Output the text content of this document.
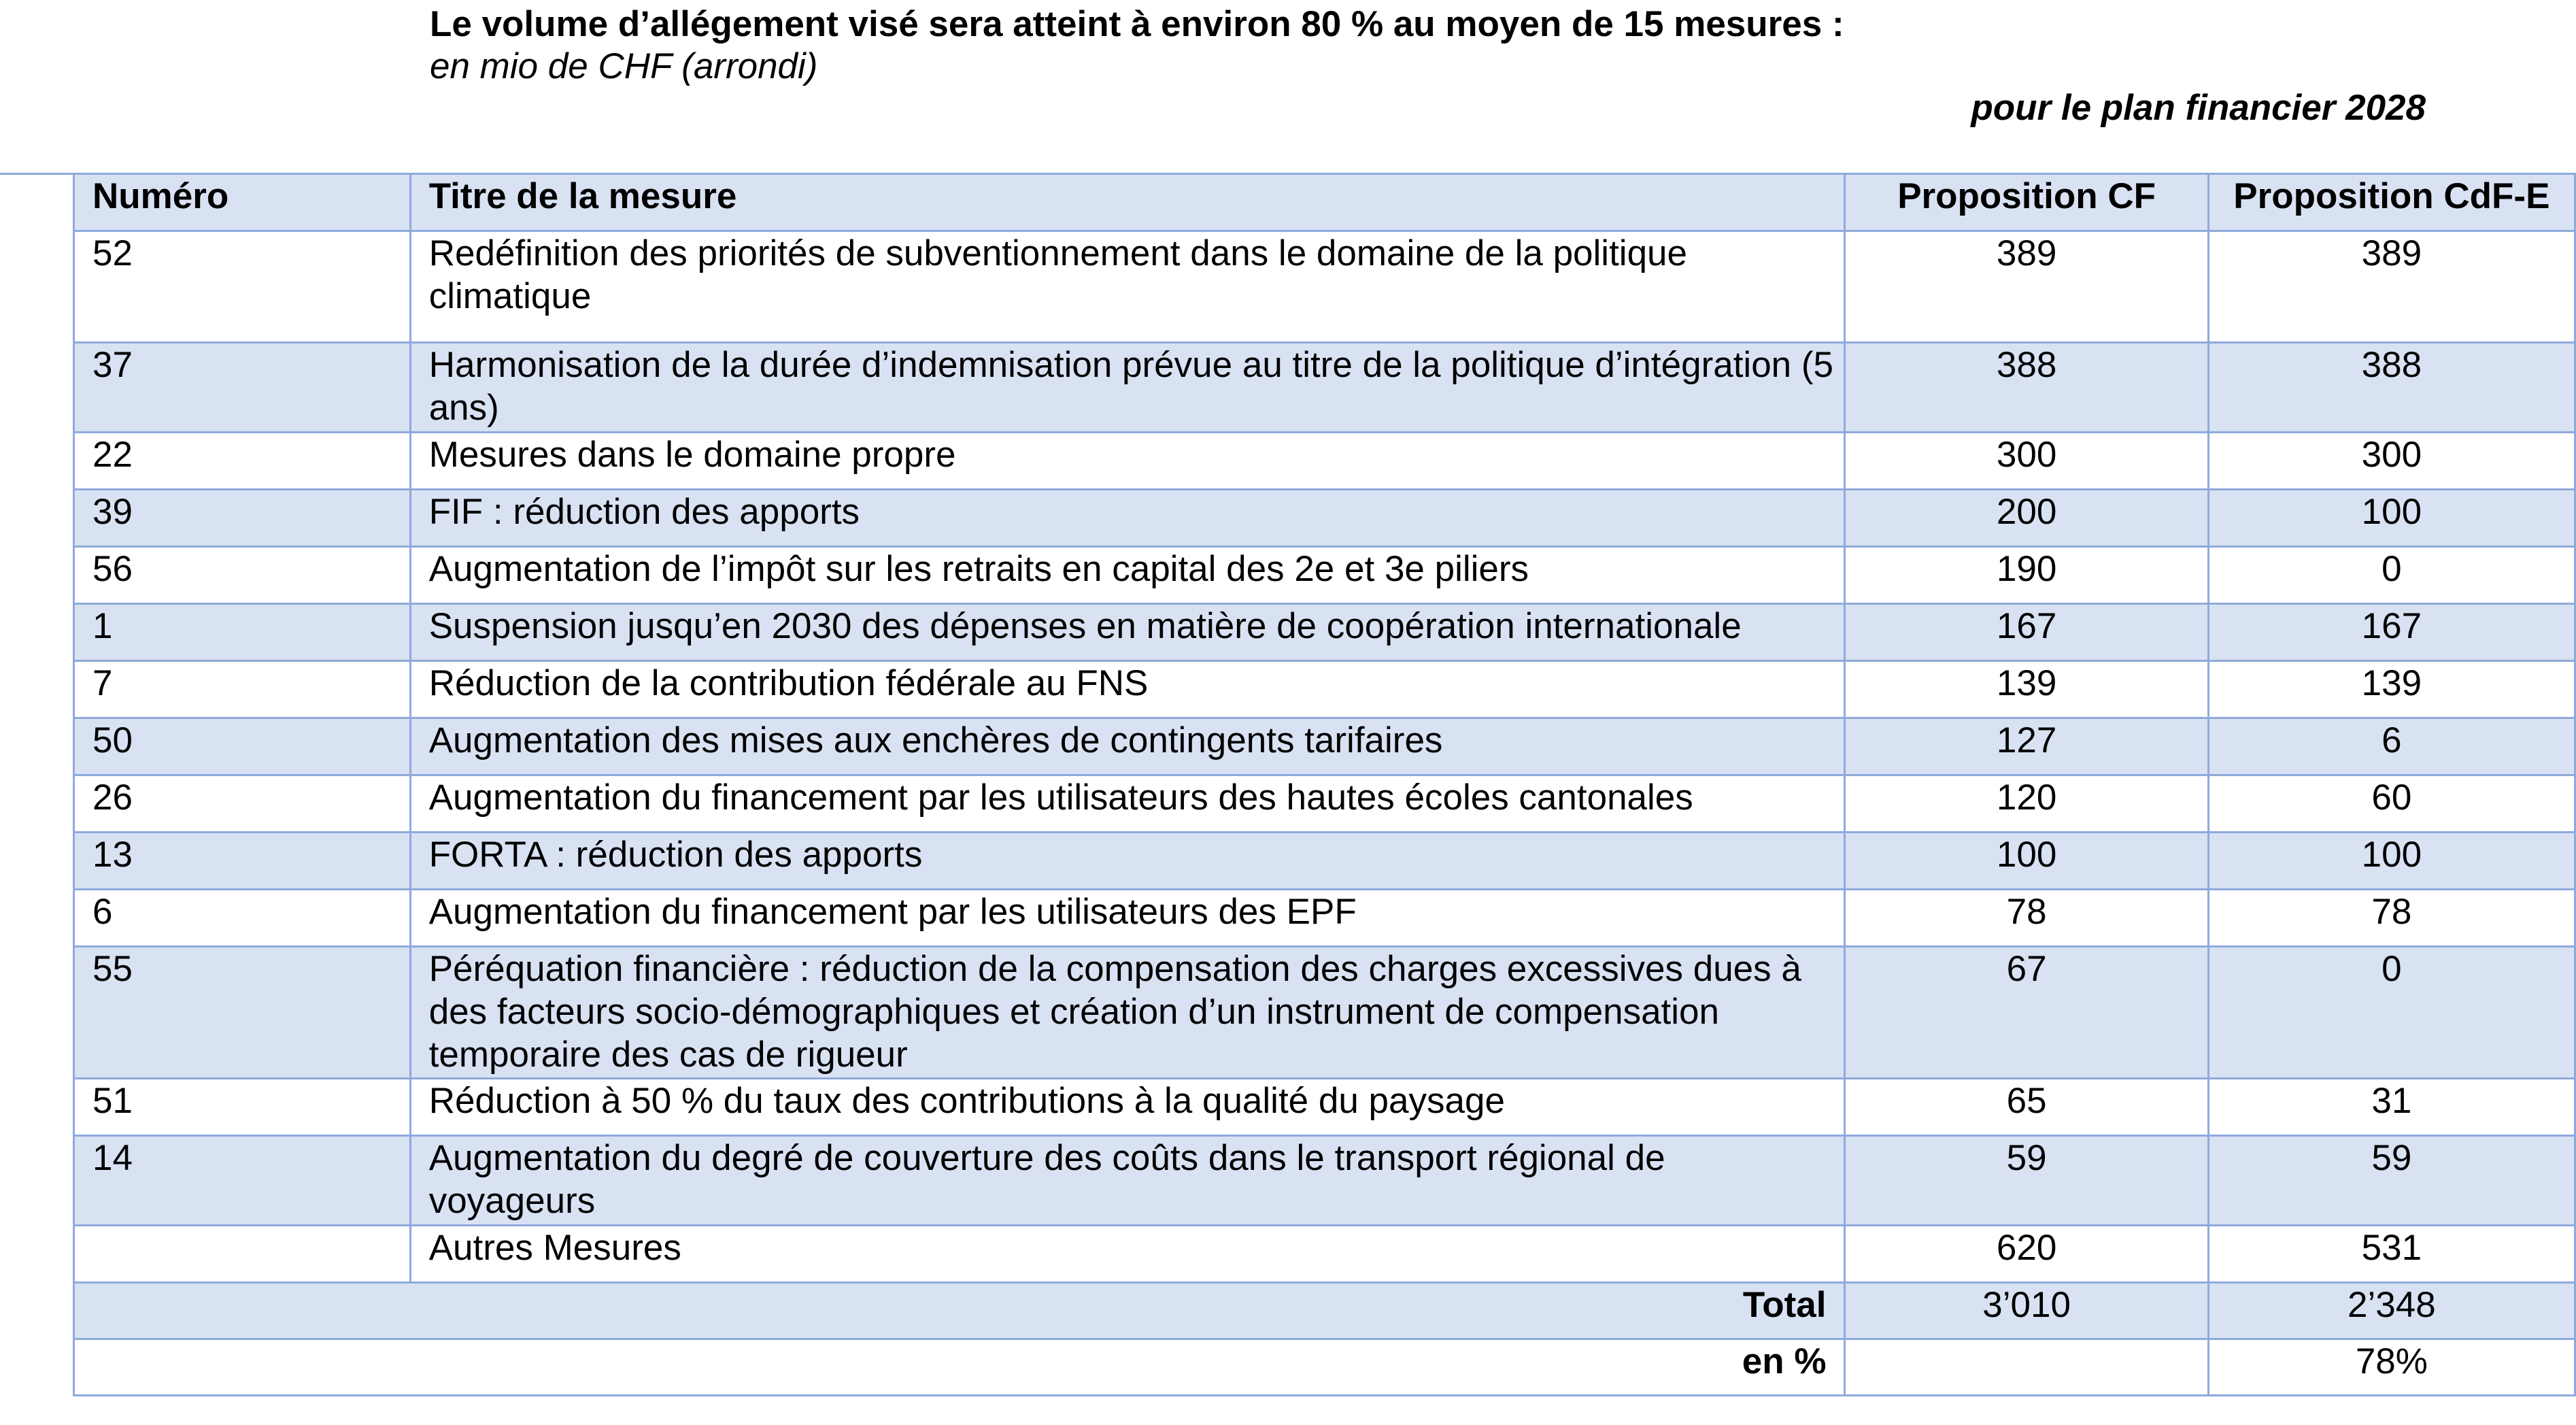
Le volume d’allégement visé sera atteint à environ 80 % au moyen de 15 mesures :
en mio de CHF (arrondi)
pour le plan financier 2028
Numéro	Titre de la mesure	Proposition CF	Proposition CdF-E
52	Redéfinition des priorités de subventionnement dans le domaine de la politique climatique	389	389
37	Harmonisation de la durée d’indemnisation prévue au titre de la politique d’intégration (5 ans)	388	388
22	Mesures dans le domaine propre	300	300
39	FIF : réduction des apports	200	100
56	Augmentation de l’impôt sur les retraits en capital des 2e et 3e piliers	190	0
1	Suspension jusqu’en 2030 des dépenses en matière de coopération internationale	167	167
7	Réduction de la contribution fédérale au FNS	139	139
50	Augmentation des mises aux enchères de contingents tarifaires	127	6
26	Augmentation du financement par les utilisateurs des hautes écoles cantonales	120	60
13	FORTA : réduction des apports	100	100
6	Augmentation du financement par les utilisateurs des EPF	78	78
55	Péréquation financière : réduction de la compensation des charges excessives dues à des facteurs socio-démographiques et création d’un instrument de compensation temporaire des cas de rigueur	67	0
51	Réduction à 50 % du taux des contributions à la qualité du paysage	65	31
14	Augmentation du degré de couverture des coûts dans le transport régional de voyageurs	59	59
	Autres Mesures	620	531
Total		3’010	2’348
en %			78%
